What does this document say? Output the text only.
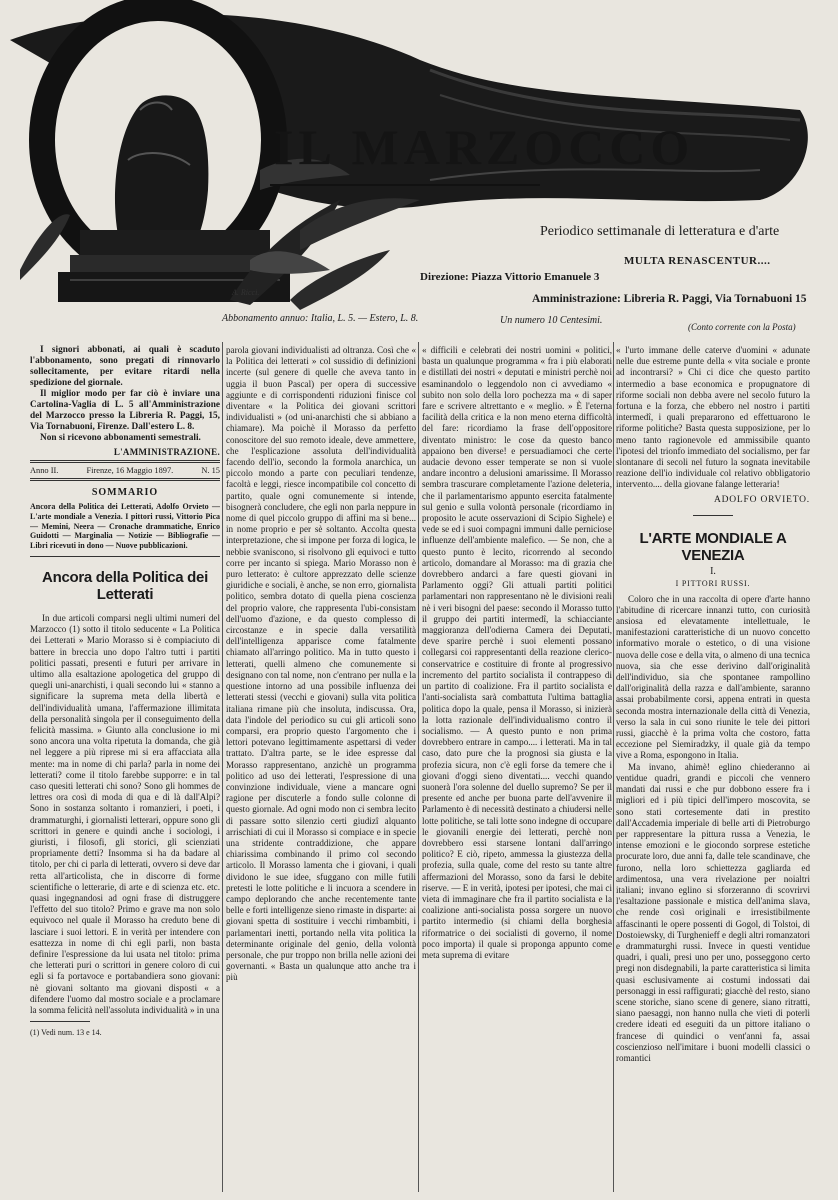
IL MARZOCCO
A. Ricci.
Periodico settimanale di letteratura e d'arte
MULTA RENASCENTUR....
Direzione: Piazza Vittorio Emanuele 3
Amministrazione: Libreria R. Paggi, Via Tornabuoni 15
Abbonamento annuo: Italia, L. 5. — Estero, L. 8.	Un numero 10 Centesimi.
(Conto corrente con la Posta)

I signori abbonati, ai quali è scaduto l'abbonamento, sono pregati di rinnovarlo sollecitamente, per evitare ritardi nella spedizione del giornale.

Il miglior modo per far ciò è inviare una Cartolina-Vaglia di L. 5 all'Amministrazione del Marzocco presso la Libreria R. Paggi, 15, Via Tornabuoni, Firenze. Dall'estero L. 8.

Non si ricevono abbonamenti semestrali.

L'AMMINISTRAZIONE.
Anno II.	Firenze, 16 Maggio 1897.	N. 15
SOMMARIO

Ancora della Politica dei Letterati, Adolfo Orvieto — L'arte mondiale a Venezia. I pittori russi, Vittorio Pica — Memini, Neera — Cronache drammatiche, Enrico Guidotti — Marginalia — Notizie — Bibliografie — Libri ricevuti in dono — Nuove pubblicazioni.

Ancora della Politica dei Letterati

In due articoli comparsi negli ultimi numeri del Marzocco (1) sotto il titolo seducente « La Politica dei Letterati » Mario Morasso si è compiaciuto di battere in breccia uno dopo l'altro tutti i partiti politici passati, presenti e futuri per arrivare in ultimo alla esaltazione apologetica del gruppo di quegli uni-anarchisti, i quali secondo lui « stanno a significare la suprema meta della libertà e dell'individualità umana, l'affermazione illimitata della personalità singola per il conseguimento della felicità massima. » Giunto alla conclusione io mi sono ancora una volta ripetuta la domanda, che già nel leggere a più riprese mi si era affacciata alla mente: ma in nome di chi parla? parla in nome dei letterati? come il titolo farebbe supporre: e in tal caso quesiti letterati chi sono? Sono gli hommes de lettres ora così di moda di qua e di là dall'Alpi? Sono in sostanza soltanto i romanzieri, i poeti, i drammaturghi, i giornalisti letterari, oppure sono gli scrittori in genere e quindi anche i sociologi, i giuristi, i filosofi, gli storici, gli scienziati propriamente detti? Insomma si ha da badare al titolo, per chi ci parla di letterati, ovvero si deve dar retta all'articolista, che in discorre di forme scientifiche o letterarie, di arte e di scienza etc. etc. quasi ingegnandosi ad ogni frase di distruggere l'effetto del suo titolo? Primo e grave ma non solo equivoco nel quale il Morasso ha creduto bene di lasciare i suoi lettori. E in verità per intendere con esattezza in nome di chi egli parli, non basta definire l'espressione da lui usata nel titolo: prima che letterati puri o scrittori in genere coloro di cui egli si fa portavoce e portabandiera sono giovani: nè giovani soltanto ma giovani disposti « a difendere l'uomo dal mostro sociale e a proclamare la somma felicità nell'assoluta individualità » in una

(1) Vedi num. 13 e 14.

parola giovani individualisti ad oltranza. Così che « la Politica dei letterati » col sussidio di definizioni incerte (sul genere di quelle che aveva tanto in uggia il buon Pascal) per opera di successive aggiunte e di corrispondenti riduzioni finisce col diventare « la Politica dei giovani scrittori individualisti » (od uni-anarchisti che si abbiano a chiamare). Ma poichè il Morasso da perfetto conoscitore del suo remoto ideale, deve ammettere, che l'esplicazione assoluta dell'individualità facendo dell'io, secondo la formola anarchica, un piccolo mondo a parte con peculiari tendenze, facoltà e leggi, riesce incompatibile col concetto di partito, quale ogni comunemente si intende, bisognerà concludere, che egli non parla neppure in nome di quel piccolo gruppo di affini ma sì bene... in nome proprio e per sè soltanto. Accolta questa interpretazione, che si impone per forza di logica, le nebbie svaniscono, si risolvono gli equivoci e tutto corre per incanto si spiega. Mario Morasso non è puro letterato: è cultore apprezzato delle scienze giuridiche e sociali, è anche, se non erro, giornalista politico, sembra dotato di quella piena coscienza del proprio valore, che rappresenta l'ubi-consistam dell'uomo d'azione, e da questo complesso di circostanze e in specie dalla versatilità dell'intelligenza apparisce come fatalmente chiamato all'arringo politico. Ma in tutto questo i letterati, quelli almeno che comunemente si designano con tal nome, non c'entrano per nulla e la questione intorno ad una possibile influenza dei letterati stessi (vecchi e giovani) sulla vita politica italiana rimane più che insoluta, indiscussa. Ora, data l'indole del periodico su cui gli articoli sono comparsi, era proprio questo l'argomento che i lettori potevano legittimamente aspettarsi di veder trattato. D'altra parte, se le idee espresse dal Morasso rappresentano, anzichè un programma politico ad uso dei letterati, l'espressione di una convinzione individuale, viene a mancare ogni ragione per discuterle a fondo sulle colonne di questo giornale. Ad ogni modo non ci sembra lecito di passare sotto silenzio certi giudizî alquanto arrischiati di cui il Morasso si compiace e in specie una stridente contraddizione, che appare chiarissima combinando il primo col secondo articolo. Il Morasso lamenta che i giovani, i quali dividono le sue idee, sfuggano con mille futili pretesti le lotte politiche e li incuora a scendere in campo deplorando che anche recentemente tante belle e forti intelligenze sieno rimaste in disparte: ai giovani spetta di sostituire i vecchi rimbambiti, i parlamentari inetti, portando nella vita politica la determinante originale del genio, della volontà personale, che pur troppo non brilla nelle azioni dei governanti. « Basta un qualunque atto anche tra i più

« difficili e celebrati dei nostri uomini « politici, basta un qualunque programma « fra i più elaborati e distillati dei nostri « deputati e ministri perchè noi esaminandolo o leggendolo non ci avvediamo « subito non solo della loro pochezza ma « di saper fare e scrivere altrettanto e « meglio. » È l'eterna facilità della critica e la non meno eterna difficoltà del fare: ricordiamo la frase dell'oppositore diventato ministro: le cose da questo banco appaiono ben diverse! e persuadiamoci che certe audacie devono esser temperate se non si vuole andare incontro a delusioni amarissime. Il Morasso sembra trascurare completamente l'azione deleteria, che il parlamentarismo appunto esercita fatalmente sul genio e sulla volontà personale (ricordiamo in proposito le acute osservazioni di Scipio Sighele) e vede se ed i suoi compagni immuni dalle perniciose influenze dell'ambiente malefico. — Se non, che a questo punto è lecito, ricorrendo al secondo articolo, domandare al Morasso: ma di grazia che dovrebbero andarci a fare questi giovani in Parlamento oggi? Gli attuali partiti politici parlamentari non rappresentano nè le divisioni reali nè i veri bisogni del paese: secondo il Morasso tutto il gruppo dei partiti intermedî, la schiacciante maggioranza dell'odierna Camera dei Deputati, deve sparire perchè i suoi elementi possano collegarsi coi rappresentanti della reazione clerico-conservatrice e costituire di fronte al progressivo incremento del partito socialista il contrappeso di un partito di coalizione. Fra il partito socialista e l'anti-socialista sarà combattuta l'ultima battaglia politica dopo la quale, pensa il Morasso, si inizierà la lotta razionale dell'individualismo contro il socialismo. — A questo punto e non prima dovrebbero entrare in campo.... i letterati. Ma in tal caso, dato pure che la prognosi sia giusta e la profezia sicura, non c'è egli forse da temere che i giovani d'oggi sieno diventati.... vecchi quando suonerà l'ora solenne del duello supremo? Se per il presente ed anche per buona parte dell'avvenire il Parlamento è di necessità destinato a chiudersi nelle lotte politiche, se tali lotte sono indegne di occupare le giovanili energie dei letterati, perchè non dovrebbero essi starsene lontani dall'arringo politico? E ciò, ripeto, ammessa la giustezza della profezia, sulla quale, come del resto su tante altre affermazioni del Morasso, sono da farsi le debite riserve. — E in verità, ipotesi per ipotesi, che mai ci vieta di immaginare che fra il partito socialista e la coalizione anti-socialista possa sorgere un nuovo partito intermedio (si chiami della borghesia riformatrice o dei socialisti di governo, il nome poco importa) il quale si proponga appunto come meta suprema di evitare

« l'urto immane delle caterve d'uomini « adunate nelle due estreme punte della « vita sociale e pronte ad incontrarsi? » Chi ci dice che questo partito intermedio a base economica e propugnatore di riforme sociali non debba avere nel secolo futuro la fortuna e la forza, che ebbero nel nostro i partiti intermedî, i quali prepararono ed effettuarono le riforme politiche? Basta questa supposizione, per lo meno tanto ragionevole ed ammissibile quanto l'ipotesi del trionfo immediato del socialismo, per far slontanare di secoli nel futuro la sognata inevitabile reazione dell'io individuale col relativo obbligatorio intervento.... della giovane falange letteraria!

ADOLFO ORVIETO.
L'ARTE MONDIALE A VENEZIA
I.
I PITTORI RUSSI.

Coloro che in una raccolta di opere d'arte hanno l'abitudine di ricercare innanzi tutto, con curiosità ansiosa ed elevatamente intellettuale, le manifestazioni caratteristiche di un nuovo concetto informativo morale o estetico, o di una visione nuova delle cose e della vita, o almeno di una tecnica nuova, sia che esse derivino dall'originalità dell'individuo, sia che spontanee rampollino dall'originalità della razza e dall'ambiente, saranno assai probabilmente corsi, appena entrati in questa seconda mostra internazionale della città di Venezia, verso la sala in cui sono riunite le tele dei pittori russi, giacchè è la prima volta che costoro, fatta eccezione pel Siemiradzky, il quale già da tempo vive a Roma, espongono in Italia.

Ma invano, ahimè! eglino chiederanno ai ventidue quadri, grandi e piccoli che vennero mandati dai russi e che pur dobbono essere fra i migliori ed i più tipici dell'impero moscovita, se sono stati cortesemente dati in prestito dall'Accademia imperiale di belle arti di Pietroburgo per rappresentare la pittura russa a Venezia, le intense emozioni e le giocondo sorprese estetiche procurate loro, due anni fa, dalle tele scandinave, che furono, nella loro schiettezza gagliarda ed ardimentosa, una vera rivelazione per noialtri italiani; invano eglino si sforzeranno di scovrirvi l'esaltazione passionale e mistica dell'anima slava, che rende così originali e irresistibilmente affascinanti le opere possenti di Gogol, di Tolstoi, di Dostoiewsky, di Turghenieff e degli altri romanzatori e drammaturghi russi. Invece in questi ventidue quadri, i quali, presi uno per uno, posseggono certo pregi non disdegnabili, la parte caratteristica si limita quasi esclusivamente ai costumi indossati dai personaggi in essi raffigurati; giacchè del resto, siano scene storiche, siano scene di genere, siano ritratti, siano paesaggi, non hanno nulla che vieti di poterli credere ideati ed eseguiti da un pittore italiano o francese di quindici o vent'anni fa, assai coscienzioso nell'imitare i buoni modelli classici o romantici
